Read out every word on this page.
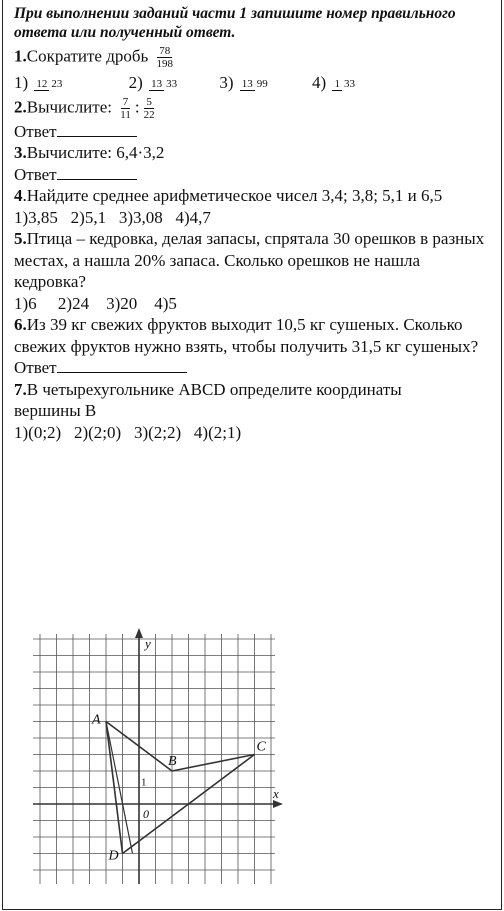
При выполнении заданий части 1 запишите номер правильного ответа или полученный ответ.
1.Сократите дробь $\frac{78}{198}$
1) 12 23	2) 13 33 3) 13 99	4) 1 33
2.Вычислите: $\frac{7}{11}$ : $\frac{5}{22}$
Ответ
3.Вычислите: 6,4·3,2
Ответ
4.Найдите среднее арифметическое чисел 3,4; 3,8; 5,1 и 6,5
1)3,85 2)5,1 3)3,08 4)4,7
5.Птица – кедровка, делая запасы, спрятала 30 орешков в разных местах, а нашла 20% запаса. Сколько орешков не нашла кедровка?
1)6 2)24 3)20 4)5
6.Из 39 кг свежих фруктов выходит 10,5 кг сушеных. Сколько свежих фруктов нужно взять, чтобы получить 31,5 кг сушеных?
Ответ
7.В четырехугольнике ABCD определите координаты вершины B
1)(0;2) 2)(2;0) 3)(2;2) 4)(2;1)
y
x
0
1
A
B
C
D
